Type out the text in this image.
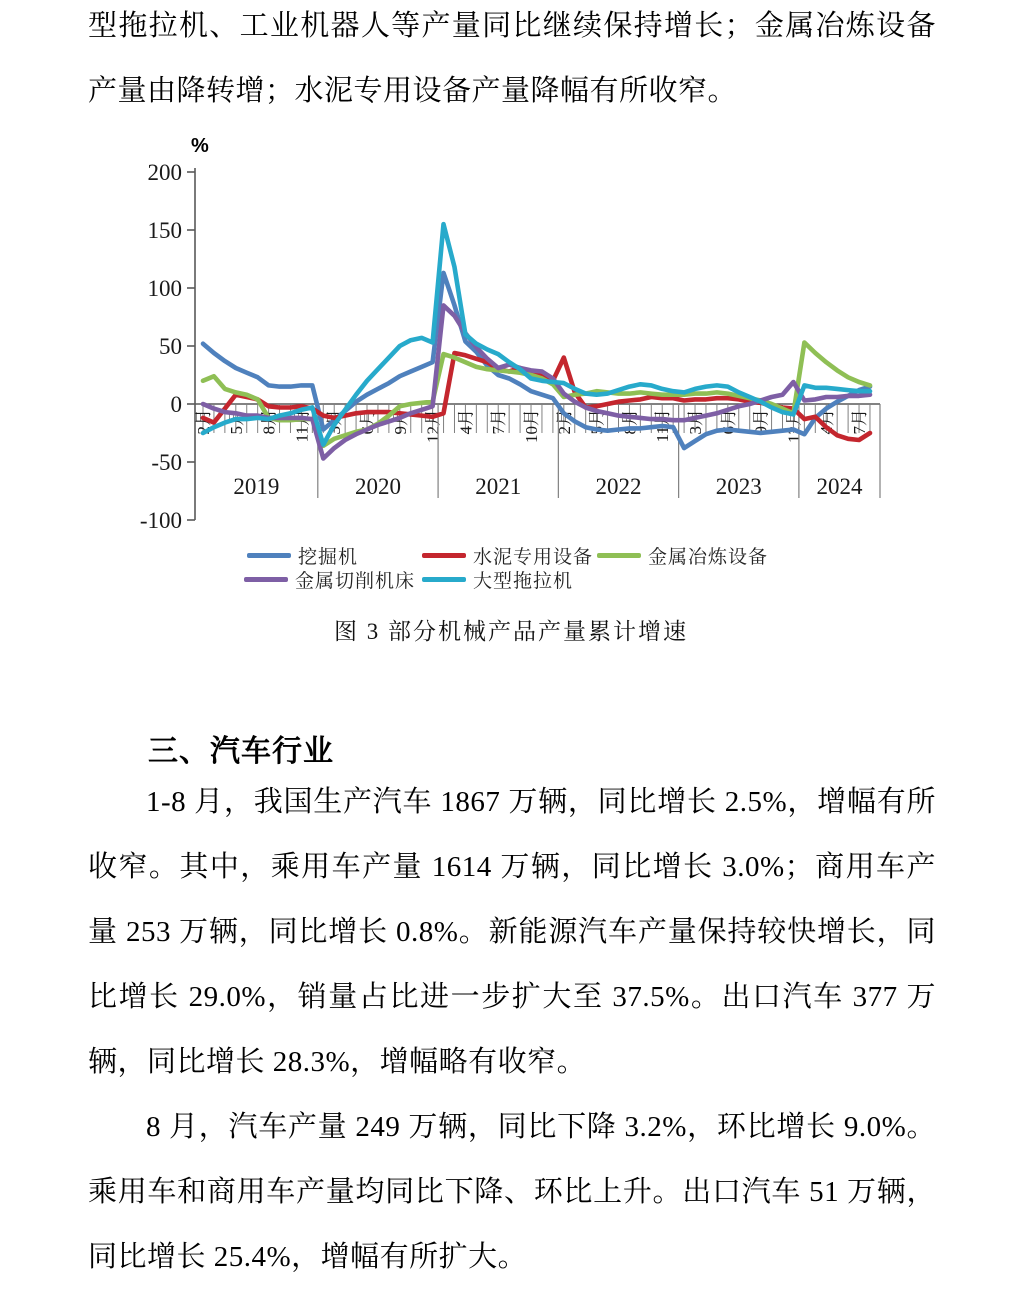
型拖拉机、工业机器人等产量同比继续保持增长；金属冶炼设备产量由降转增；水泥专用设备产量降幅有所收窄。

%
200
150
100
50
0
-50
-100
2月 5月 8月 11月 3月 6月 9月 12月 4月 7月 10月 2月 5月 8月 11月 3月 6月 9月 12月 4月 7月
2019	2020	2021	2022	2023 2024
挖掘机	水泥专用设备	金属冶炼设备
金属切削机床	大型拖拉机
图 3 部分机械产品产量累计增速
三、汽车行业

1-8 月，我国生产汽车 1867 万辆，同比增长 2.5%，增幅有所收窄。其中，乘用车产量 1614 万辆，同比增长 3.0%；商用车产量 253 万辆，同比增长 0.8%。新能源汽车产量保持较快增长，同比增长 29.0%，销量占比进一步扩大至 37.5%。出口汽车 377 万辆，同比增长 28.3%，增幅略有收窄。

8 月，汽车产量 249 万辆，同比下降 3.2%，环比增长 9.0%。乘用车和商用车产量均同比下降、环比上升。出口汽车 51 万辆，同比增长 25.4%，增幅有所扩大。
